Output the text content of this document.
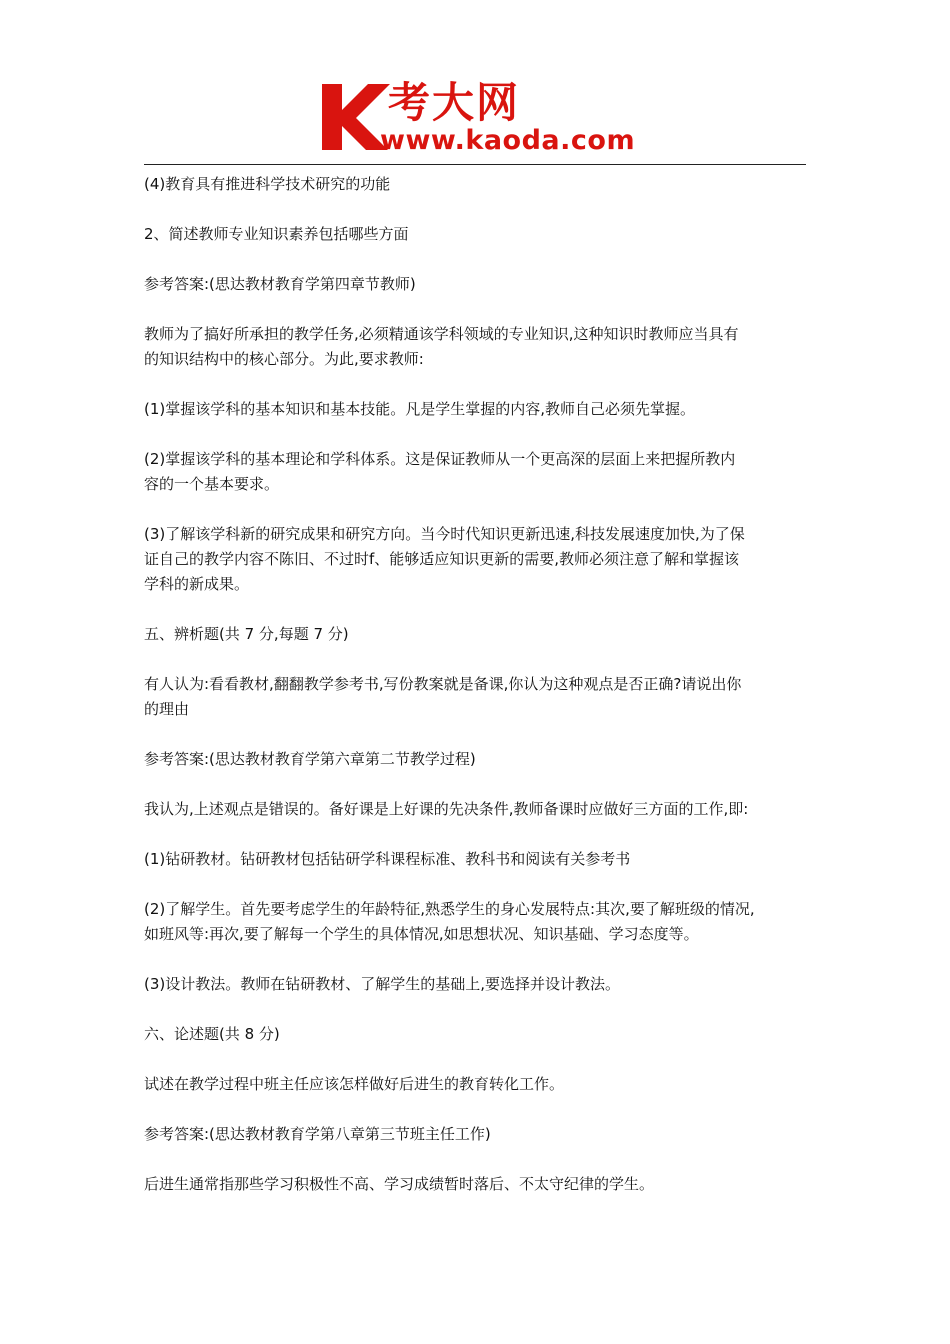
考大网
www.kaoda.com

(4)教育具有推进科学技术研究的功能

2、简述教师专业知识素养包括哪些方面

参考答案:(思达教材教育学第四章节教师)

教师为了搞好所承担的教学任务,必须精通该学科领域的专业知识,这种知识时教师应当具有
的知识结构中的核心部分。为此,要求教师:

(1)掌握该学科的基本知识和基本技能。凡是学生掌握的内容,教师自己必须先掌握。

(2)掌握该学科的基本理论和学科体系。这是保证教师从一个更高深的层面上来把握所教内
容的一个基本要求。

(3)了解该学科新的研究成果和研究方向。当今时代知识更新迅速,科技发展速度加快,为了保
证自己的教学内容不陈旧、不过时f、能够适应知识更新的需要,教师必须注意了解和掌握该
学科的新成果。

五、辨析题(共 7 分,每题 7 分)

有人认为:看看教材,翻翻教学参考书,写份教案就是备课,你认为这种观点是否正确?请说出你
的理由

参考答案:(思达教材教育学第六章第二节教学过程)

我认为,上述观点是错误的。备好课是上好课的先决条件,教师备课时应做好三方面的工作,即:

(1)钻研教材。钻研教材包括钻研学科课程标准、教科书和阅读有关参考书

(2)了解学生。首先要考虑学生的年龄特征,熟悉学生的身心发展特点:其次,要了解班级的情况,
如班风等:再次,要了解每一个学生的具体情况,如思想状况、知识基础、学习态度等。

(3)设计教法。教师在钻研教材、了解学生的基础上,要选择并设计教法。

六、论述题(共 8 分)

试述在教学过程中班主任应该怎样做好后进生的教育转化工作。

参考答案:(思达教材教育学第八章第三节班主任工作)

后进生通常指那些学习积极性不高、学习成绩暂时落后、不太守纪律的学生。
